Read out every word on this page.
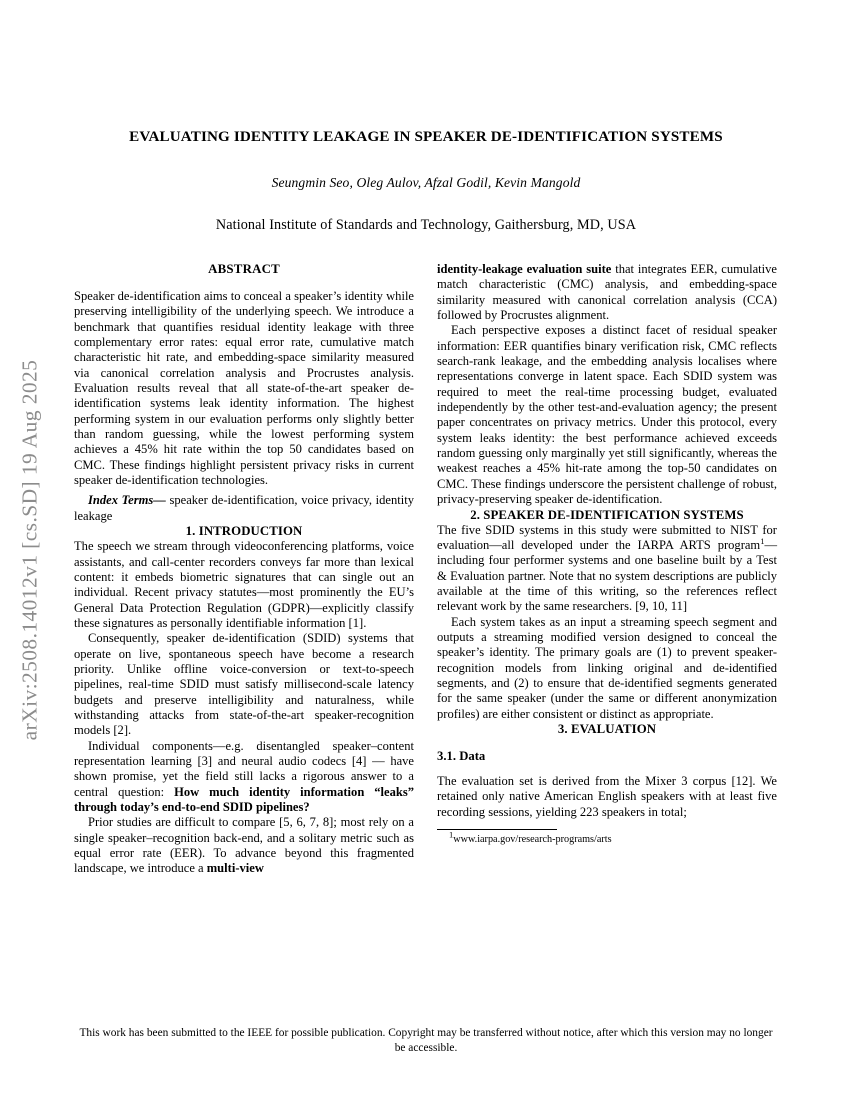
arXiv:2508.14012v1 [cs.SD] 19 Aug 2025
EVALUATING IDENTITY LEAKAGE IN SPEAKER DE-IDENTIFICATION SYSTEMS
Seungmin Seo, Oleg Aulov, Afzal Godil, Kevin Mangold
National Institute of Standards and Technology, Gaithersburg, MD, USA
ABSTRACT

Speaker de-identification aims to conceal a speaker’s identity while preserving intelligibility of the underlying speech. We introduce a benchmark that quantifies residual identity leakage with three complementary error rates: equal error rate, cumulative match characteristic hit rate, and embedding-space similarity measured via canonical correlation analysis and Procrustes analysis. Evaluation results reveal that all state-of-the-art speaker de-identification systems leak identity information. The highest performing system in our evaluation performs only slightly better than random guessing, while the lowest performing system achieves a 45% hit rate within the top 50 candidates based on CMC. These findings highlight persistent privacy risks in current speaker de-identification technologies.

Index Terms— speaker de-identification, voice privacy, identity leakage

1. INTRODUCTION

The speech we stream through videoconferencing platforms, voice assistants, and call-center recorders conveys far more than lexical content: it embeds biometric signatures that can single out an individual. Recent privacy statutes—most prominently the EU’s General Data Protection Regulation (GDPR)—explicitly classify these signatures as personally identifiable information [1].

Consequently, speaker de-identification (SDID) systems that operate on live, spontaneous speech have become a research priority. Unlike offline voice-conversion or text-to-speech pipelines, real-time SDID must satisfy millisecond-scale latency budgets and preserve intelligibility and naturalness, while withstanding attacks from state-of-the-art speaker-recognition models [2].

Individual components—e.g. disentangled speaker–content representation learning [3] and neural audio codecs [4] — have shown promise, yet the field still lacks a rigorous answer to a central question: How much identity information “leaks” through today’s end-to-end SDID pipelines?

Prior studies are difficult to compare [5, 6, 7, 8]; most rely on a single speaker–recognition back-end, and a solitary metric such as equal error rate (EER). To advance beyond this fragmented landscape, we introduce a multi-view

identity-leakage evaluation suite that integrates EER, cumulative match characteristic (CMC) analysis, and embedding-space similarity measured with canonical correlation analysis (CCA) followed by Procrustes alignment.

Each perspective exposes a distinct facet of residual speaker information: EER quantifies binary verification risk, CMC reflects search-rank leakage, and the embedding analysis localises where representations converge in latent space. Each SDID system was required to meet the real-time processing budget, evaluated independently by the other test-and-evaluation agency; the present paper concentrates on privacy metrics. Under this protocol, every system leaks identity: the best performance achieved exceeds random guessing only marginally yet still significantly, whereas the weakest reaches a 45% hit-rate among the top-50 candidates on CMC. These findings underscore the persistent challenge of robust, privacy-preserving speaker de-identification.

2. SPEAKER DE-IDENTIFICATION SYSTEMS

The five SDID systems in this study were submitted to NIST for evaluation—all developed under the IARPA ARTS program$^1$—including four performer systems and one baseline built by a Test & Evaluation partner. Note that no system descriptions are publicly available at the time of this writing, so the references reflect relevant work by the same researchers. [9, 10, 11]

Each system takes as an input a streaming speech segment and outputs a streaming modified version designed to conceal the speaker’s identity. The primary goals are (1) to prevent speaker-recognition models from linking original and de-identified segments, and (2) to ensure that de-identified segments generated for the same speaker (under the same or different anonymization profiles) are either consistent or distinct as appropriate.

3. EVALUATION
3.1. Data

The evaluation set is derived from the Mixer 3 corpus [12]. We retained only native American English speakers with at least five recording sessions, yielding 223 speakers in total;

$^1$www.iarpa.gov/research-programs/arts
This work has been submitted to the IEEE for possible publication. Copyright may be transferred without notice, after which this version may no longer be accessible.
